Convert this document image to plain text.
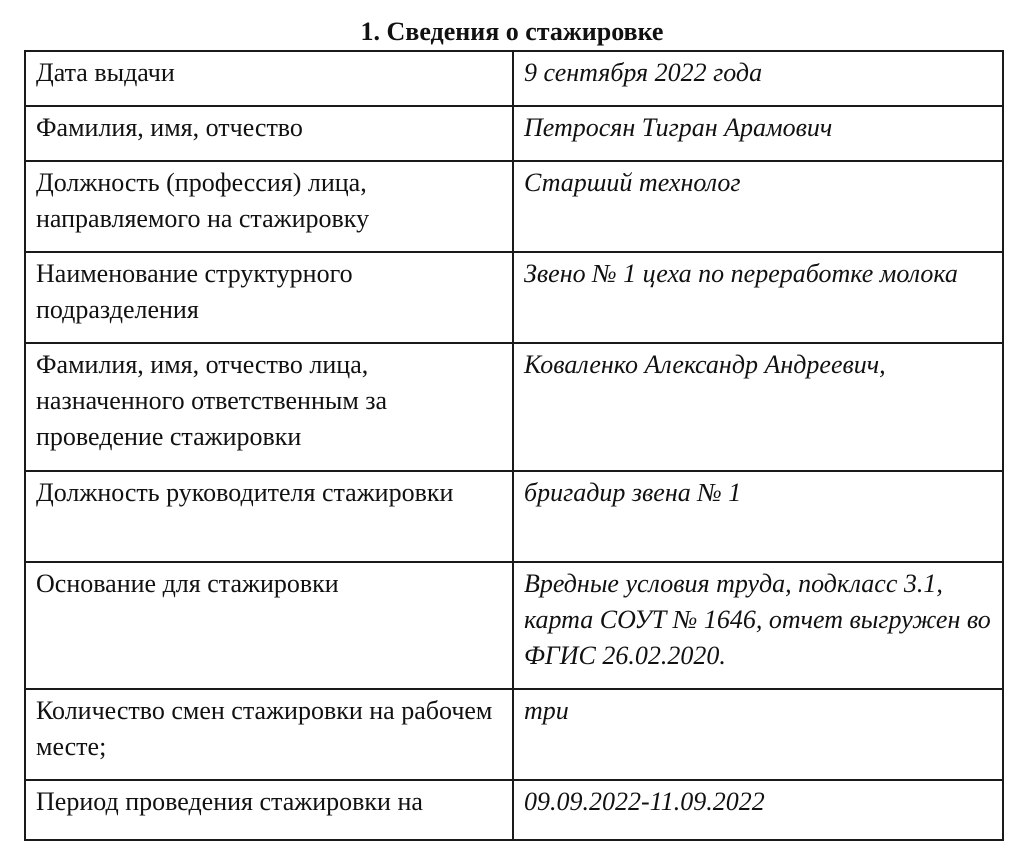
1. Сведения о стажировке
Дата выдачи	9 сентября 2022 года
Фамилия, имя, отчество	Петросян Тигран Арамович
Должность (профессия) лица, направляемого на стажировку	Старший технолог
Наименование структурного подразделения	Звено № 1 цеха по переработке молока
Фамилия, имя, отчество лица, назначенного ответственным за проведение стажировки	Коваленко Александр Андреевич,
Должность руководителя стажировки	бригадир звена № 1
Основание для стажировки	Вредные условия труда, подкласс 3.1, карта СОУТ № 1646, отчет выгружен во ФГИС 26.02.2020.
Количество смен стажировки на рабочем месте;	три
Период проведения стажировки на	09.09.2022-11.09.2022
